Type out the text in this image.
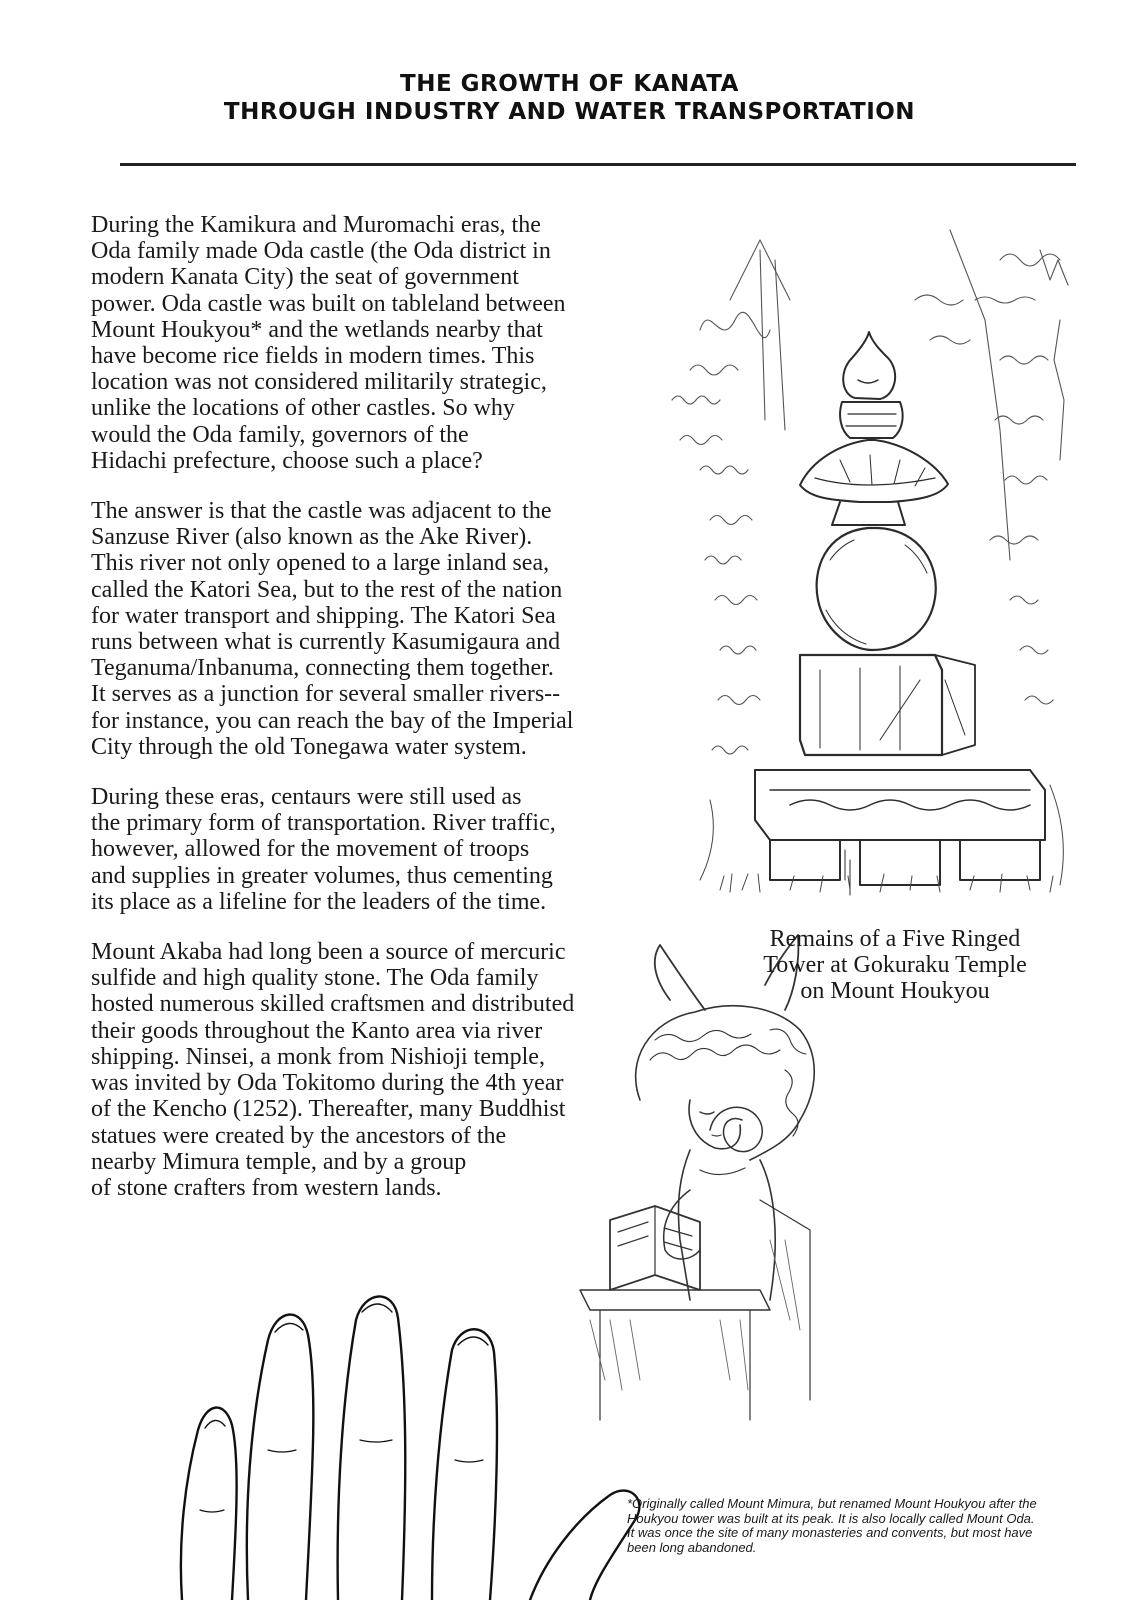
THE GROWTH OF KANATA
THROUGH INDUSTRY AND WATER TRANSPORTATION

During the Kamikura and Muromachi eras, the
Oda family made Oda castle (the Oda district in
modern Kanata City) the seat of government
power. Oda castle was built on tableland between
Mount Houkyou* and the wetlands nearby that
have become rice fields in modern times. This
location was not considered militarily strategic,
unlike the locations of other castles. So why
would the Oda family, governors of the
Hidachi prefecture, choose such a place?

The answer is that the castle was adjacent to the
Sanzuse River (also known as the Ake River).
This river not only opened to a large inland sea,
called the Katori Sea, but to the rest of the nation
for water transport and shipping. The Katori Sea
runs between what is currently Kasumigaura and
Teganuma/Inbanuma, connecting them together.
It serves as a junction for several smaller rivers--
for instance, you can reach the bay of the Imperial
City through the old Tonegawa water system.

During these eras, centaurs were still used as
the primary form of transportation. River traffic,
however, allowed for the movement of troops
and supplies in greater volumes, thus cementing
its place as a lifeline for the leaders of the time.

Mount Akaba had long been a source of mercuric
sulfide and high quality stone. The Oda family
hosted numerous skilled craftsmen and distributed
their goods throughout the Kanto area via river
shipping. Ninsei, a monk from Nishioji temple,
was invited by Oda Tokitomo during the 4th year
of the Kencho (1252). Thereafter, many Buddhist
statues were created by the ancestors of the
nearby Mimura temple, and by a group
of stone crafters from western lands.

Remains of a Five Ringed
Tower at Gokuraku Temple
on Mount Houkyou
*Originally called Mount Mimura, but renamed Mount Houkyou after the
Houkyou tower was built at its peak. It is also locally called Mount Oda.
It was once the site of many monasteries and convents, but most have
been long abandoned.
